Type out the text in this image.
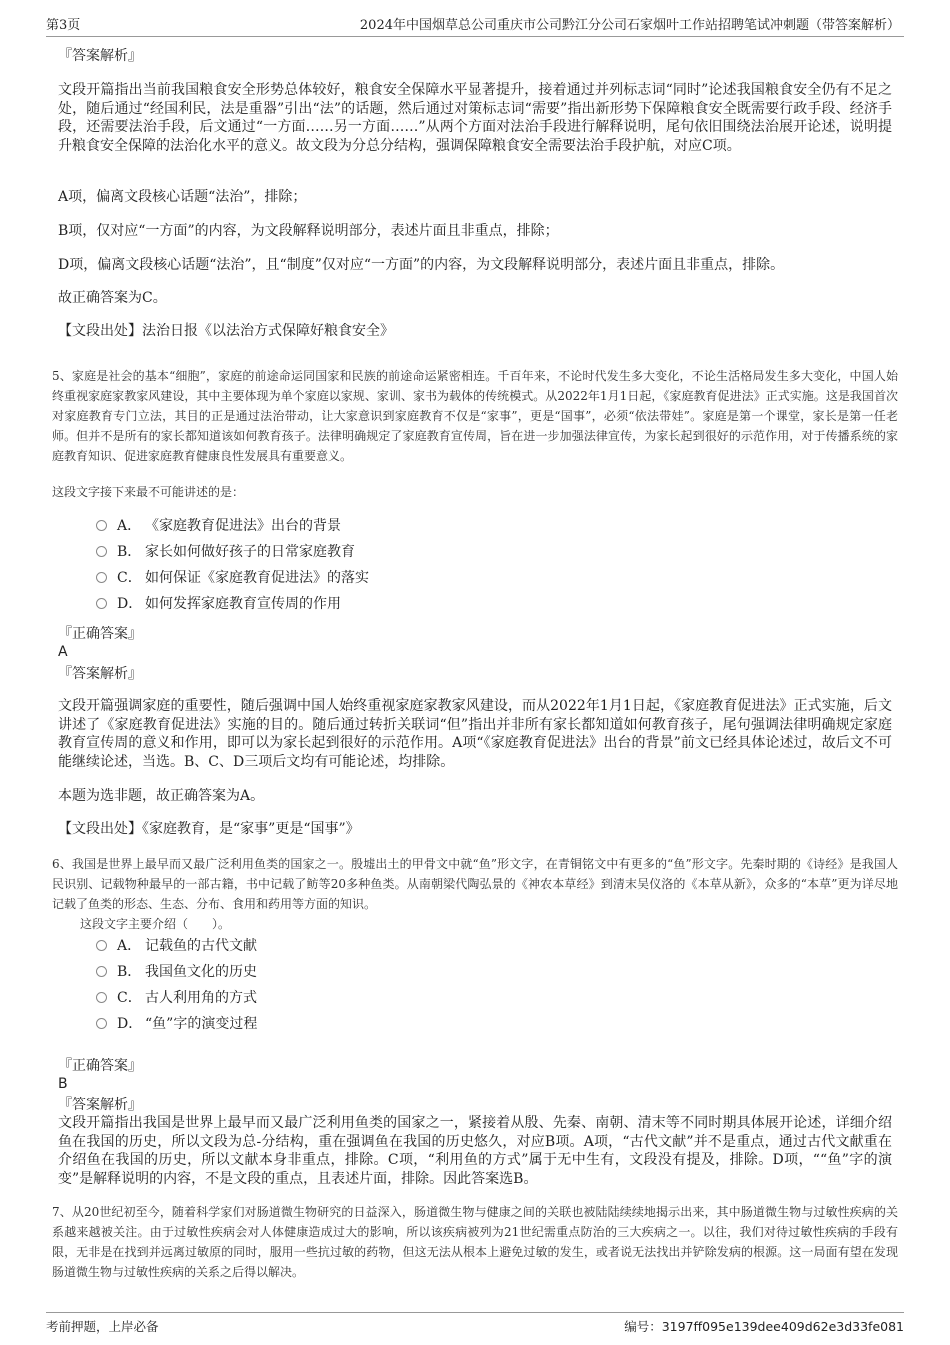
第3页	2024年中国烟草总公司重庆市公司黔江分公司石家烟叶工作站招聘笔试冲刺题（带答案解析）
『答案解析』
文段开篇指出当前我国粮食安全形势总体较好，粮食安全保障水平显著提升，接着通过并列标志词“同时”论述我国粮食安全仍有不足之处，随后通过“经国利民，法是重器”引出“法”的话题，然后通过对策标志词“需要”指出新形势下保障粮食安全既需要行政手段、经济手段，还需要法治手段，后文通过“一方面……另一方面……”从两个方面对法治手段进行解释说明，尾句依旧围绕法治展开论述，说明提升粮食安全保障的法治化水平的意义。故文段为分总分结构，强调保障粮食安全需要法治手段护航，对应C项。
A项，偏离文段核心话题“法治”，排除；
B项，仅对应“一方面”的内容，为文段解释说明部分，表述片面且非重点，排除；
D项，偏离文段核心话题“法治”，且“制度”仅对应“一方面”的内容，为文段解释说明部分，表述片面且非重点，排除。
故正确答案为C。
【文段出处】法治日报《以法治方式保障好粮食安全》
5、家庭是社会的基本“细胞”，家庭的前途命运同国家和民族的前途命运紧密相连。千百年来，不论时代发生多大变化，不论生活格局发生多大变化，中国人始终重视家庭家教家风建设，其中主要体现为单个家庭以家规、家训、家书为载体的传统模式。从2022年1月1日起，《家庭教育促进法》正式实施。这是我国首次对家庭教育专门立法，其目的正是通过法治带动，让大家意识到家庭教育不仅是“家事”，更是“国事”，必须“依法带娃”。家庭是第一个课堂，家长是第一任老师。但并不是所有的家长都知道该如何教育孩子。法律明确规定了家庭教育宣传周，旨在进一步加强法律宣传，为家长起到很好的示范作用，对于传播系统的家庭教育知识、促进家庭教育健康良性发展具有重要意义。
这段文字接下来最不可能讲述的是：
A． 《家庭教育促进法》出台的背景
B． 家长如何做好孩子的日常家庭教育
C． 如何保证《家庭教育促进法》的落实
D． 如何发挥家庭教育宣传周的作用
『正确答案』
A
『答案解析』
文段开篇强调家庭的重要性，随后强调中国人始终重视家庭家教家风建设，而从2022年1月1日起，《家庭教育促进法》正式实施，后文讲述了《家庭教育促进法》实施的目的。随后通过转折关联词“但”指出并非所有家长都知道如何教育孩子，尾句强调法律明确规定家庭教育宣传周的意义和作用，即可以为家长起到很好的示范作用。A项“《家庭教育促进法》出台的背景”前文已经具体论述过，故后文不可能继续论述，当选。B、C、D三项后文均有可能论述，均排除。
本题为选非题，故正确答案为A。
【文段出处】《家庭教育，是“家事”更是“国事”》
6、我国是世界上最早而又最广泛利用鱼类的国家之一。殷墟出土的甲骨文中就“鱼”形文字，在青铜铭文中有更多的“鱼”形文字。先秦时期的《诗经》是我国人民识别、记载物种最早的一部古籍，书中记载了鲂等20多种鱼类。从南朝梁代陶弘景的《神农本草经》到清末吴仪洛的《本草从新》，众多的“本草”更为详尽地记载了鱼类的形态、生态、分布、食用和药用等方面的知识。
这段文字主要介绍（　　）。
A． 记载鱼的古代文献
B． 我国鱼文化的历史
C． 古人利用角的方式
D． “鱼”字的演变过程
『正确答案』
B
『答案解析』
文段开篇指出我国是世界上最早而又最广泛利用鱼类的国家之一，紧接着从殷、先秦、南朝、清末等不同时期具体展开论述，详细介绍鱼在我国的历史，所以文段为总-分结构，重在强调鱼在我国的历史悠久，对应B项。A项，“古代文献”并不是重点，通过古代文献重在介绍鱼在我国的历史，所以文献本身非重点，排除。C项，“利用鱼的方式”属于无中生有，文段没有提及，排除。D项，““鱼”字的演变”是解释说明的内容，不是文段的重点，且表述片面，排除。因此答案选B。
7、从20世纪初至今，随着科学家们对肠道微生物研究的日益深入，肠道微生物与健康之间的关联也被陆陆续续地揭示出来，其中肠道微生物与过敏性疾病的关系越来越被关注。由于过敏性疾病会对人体健康造成过大的影响，所以该疾病被列为21世纪需重点防治的三大疾病之一。以往，我们对待过敏性疾病的手段有限，无非是在找到并远离过敏原的同时，服用一些抗过敏的药物，但这无法从根本上避免过敏的发生，或者说无法找出并铲除发病的根源。这一局面有望在发现肠道微生物与过敏性疾病的关系之后得以解决。
考前押题，上岸必备	编号：3197ff095e139dee409d62e3d33fe081
